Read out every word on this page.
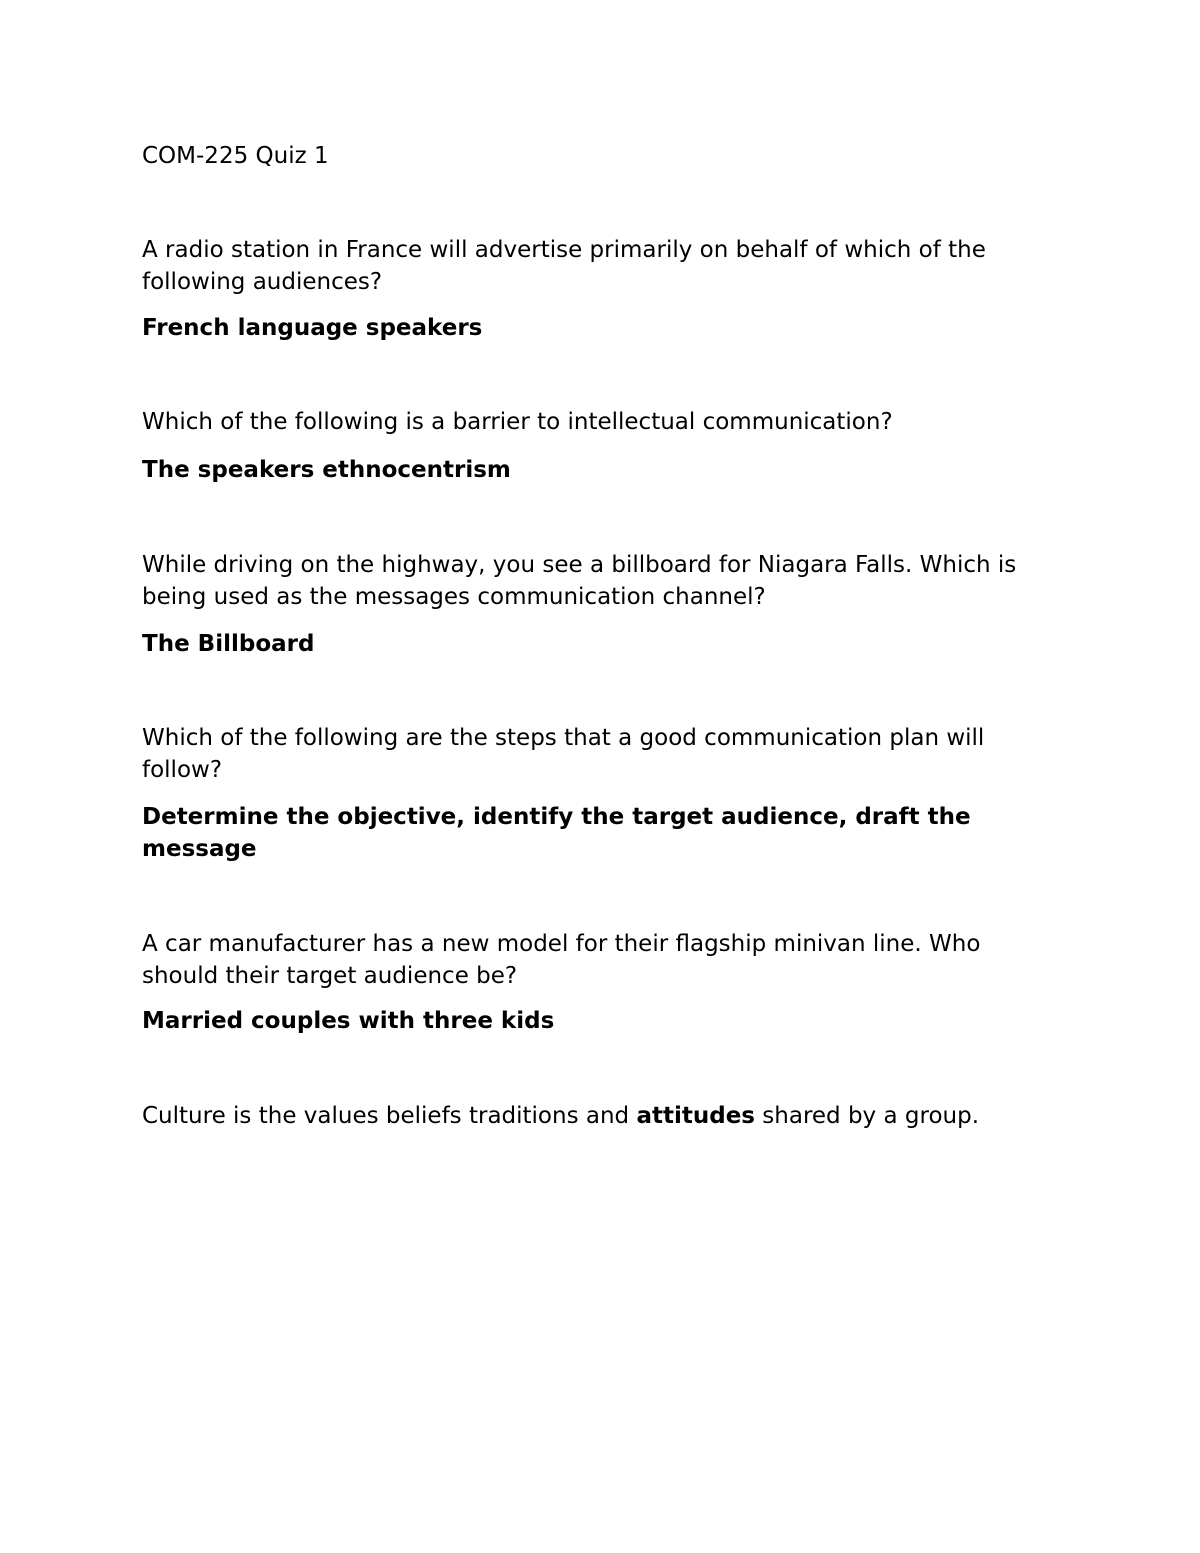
COM-225 Quiz 1
A radio station in France will advertise primarily on behalf of which of the following audiences?
French language speakers
Which of the following is a barrier to intellectual communication?
The speakers ethnocentrism
While driving on the highway, you see a billboard for Niagara Falls. Which is being used as the messages communication channel?
The Billboard
Which of the following are the steps that a good communication plan will follow?
Determine the objective, identify the target audience, draft the message
A car manufacturer has a new model for their flagship minivan line. Who should their target audience be?
Married couples with three kids
Culture is the values beliefs traditions and attitudes shared by a group.
